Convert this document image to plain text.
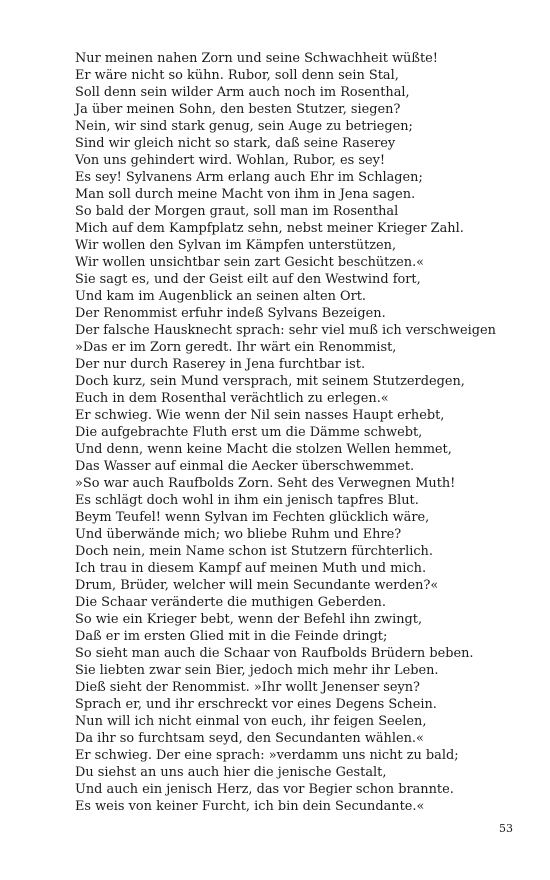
Nur meinen nahen Zorn und seine Schwachheit wüßte!
Er wäre nicht so kühn. Rubor, soll denn sein Stal,
Soll denn sein wilder Arm auch noch im Rosenthal,
Ja über meinen Sohn, den besten Stutzer, siegen?
Nein, wir sind stark genug, sein Auge zu betriegen;
Sind wir gleich nicht so stark, daß seine Raserey
Von uns gehindert wird. Wohlan, Rubor, es sey!
Es sey! Sylvanens Arm erlang auch Ehr im Schlagen;
Man soll durch meine Macht von ihm in Jena sagen.
So bald der Morgen graut, soll man im Rosenthal
Mich auf dem Kampfplatz sehn, nebst meiner Krieger Zahl.
Wir wollen den Sylvan im Kämpfen unterstützen,
Wir wollen unsichtbar sein zart Gesicht beschützen.«
Sie sagt es, und der Geist eilt auf den Westwind fort,
Und kam im Augenblick an seinen alten Ort.
Der Renommist erfuhr indeß Sylvans Bezeigen.
Der falsche Hausknecht sprach: sehr viel muß ich verschweigen
»Das er im Zorn geredt. Ihr wärt ein Renommist,
Der nur durch Raserey in Jena furchtbar ist.
Doch kurz, sein Mund versprach, mit seinem Stutzerdegen,
Euch in dem Rosenthal verächtlich zu erlegen.«
Er schwieg. Wie wenn der Nil sein nasses Haupt erhebt,
Die aufgebrachte Fluth erst um die Dämme schwebt,
Und denn, wenn keine Macht die stolzen Wellen hemmet,
Das Wasser auf einmal die Aecker überschwemmet.
»So war auch Raufbolds Zorn. Seht des Verwegnen Muth!
Es schlägt doch wohl in ihm ein jenisch tapfres Blut.
Beym Teufel! wenn Sylvan im Fechten glücklich wäre,
Und überwände mich; wo bliebe Ruhm und Ehre?
Doch nein, mein Name schon ist Stutzern fürchterlich.
Ich trau in diesem Kampf auf meinen Muth und mich.
Drum, Brüder, welcher will mein Secundante werden?«
Die Schaar veränderte die muthigen Geberden.
So wie ein Krieger bebt, wenn der Befehl ihn zwingt,
Daß er im ersten Glied mit in die Feinde dringt;
So sieht man auch die Schaar von Raufbolds Brüdern beben.
Sie liebten zwar sein Bier, jedoch mich mehr ihr Leben.
Dieß sieht der Renommist. »Ihr wollt Jenenser seyn?
Sprach er, und ihr erschreckt vor eines Degens Schein.
Nun will ich nicht einmal von euch, ihr feigen Seelen,
Da ihr so furchtsam seyd, den Secundanten wählen.«
Er schwieg. Der eine sprach: »verdamm uns nicht zu bald;
Du siehst an uns auch hier die jenische Gestalt,
Und auch ein jenisch Herz, das vor Begier schon brannte.
Es weis von keiner Furcht, ich bin dein Secundante.«
53
